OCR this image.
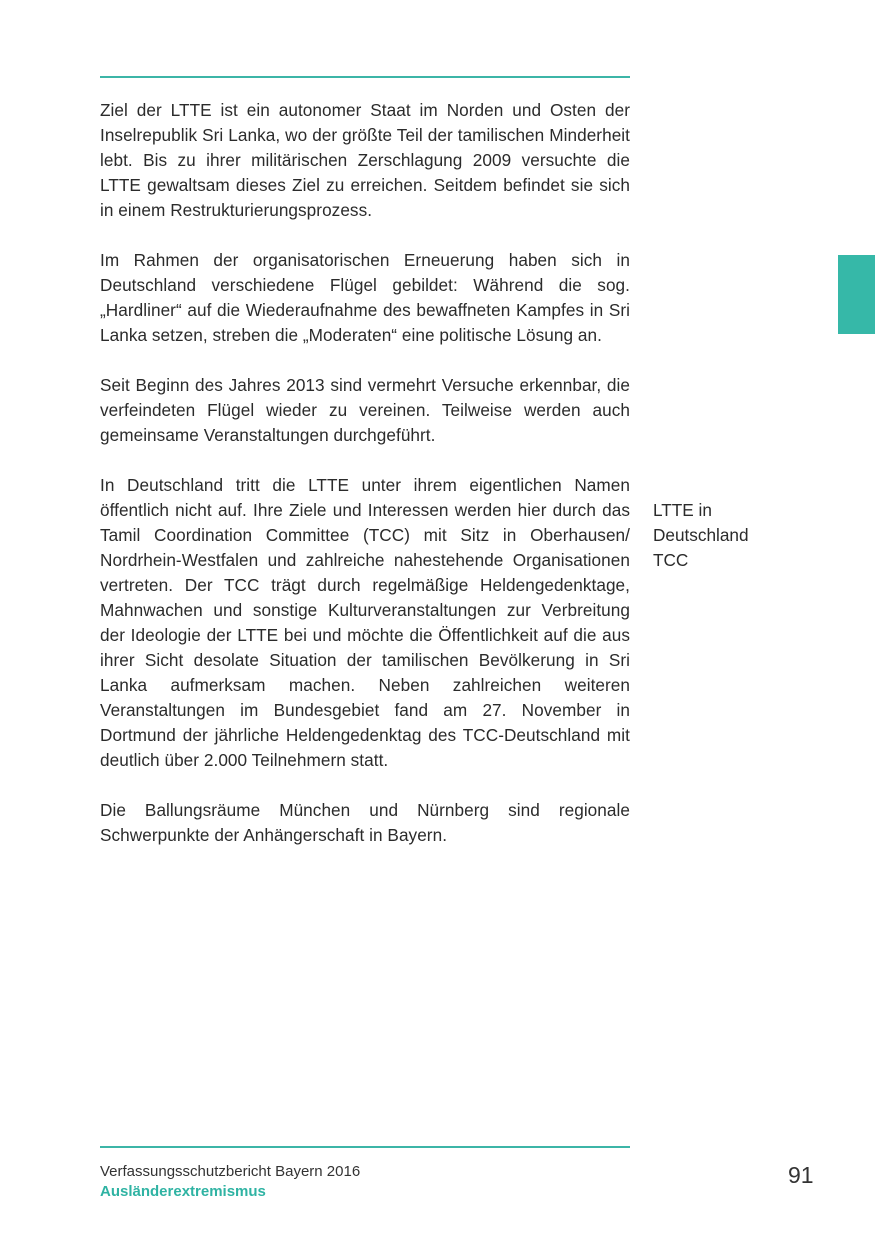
Ziel der LTTE ist ein autonomer Staat im Norden und Osten der Inselrepublik Sri Lanka, wo der größte Teil der tamilischen Minderheit lebt. Bis zu ihrer militärischen Zerschlagung 2009 versuchte die LTTE gewaltsam dieses Ziel zu erreichen. Seitdem befindet sie sich in einem Restrukturierungsprozess.

Im Rahmen der organisatorischen Erneuerung haben sich in Deutschland verschiedene Flügel gebildet: Während die sog. „Hardliner“ auf die Wiederaufnahme des bewaffneten Kampfes in Sri Lanka setzen, streben die „Moderaten“ eine politische Lösung an.

Seit Beginn des Jahres 2013 sind vermehrt Versuche erkennbar, die verfeindeten Flügel wieder zu vereinen. Teilweise werden auch gemeinsame Veranstaltungen durchgeführt.

In Deutschland tritt die LTTE unter ihrem eigentlichen Namen öffentlich nicht auf. Ihre Ziele und Interessen werden hier durch das Tamil Coordination Committee (TCC) mit Sitz in Oberhausen/ Nordrhein-Westfalen und zahlreiche nahestehende Organisationen vertreten. Der TCC trägt durch regelmäßige Heldengedenktage, Mahnwachen und sonstige Kulturveranstaltungen zur Verbreitung der Ideologie der LTTE bei und möchte die Öffentlichkeit auf die aus ihrer Sicht desolate Situation der tamilischen Bevölkerung in Sri Lanka aufmerksam machen. Neben zahlreichen weiteren Veranstaltungen im Bundesgebiet fand am 27. November in Dortmund der jährliche Heldengedenktag des TCC-Deutschland mit deutlich über 2.000 Teilnehmern statt.

Die Ballungsräume München und Nürnberg sind regionale Schwerpunkte der Anhängerschaft in Bayern.

LTTE in
Deutschland
TCC
Verfassungsschutzbericht Bayern 2016
Ausländerextremismus
91
